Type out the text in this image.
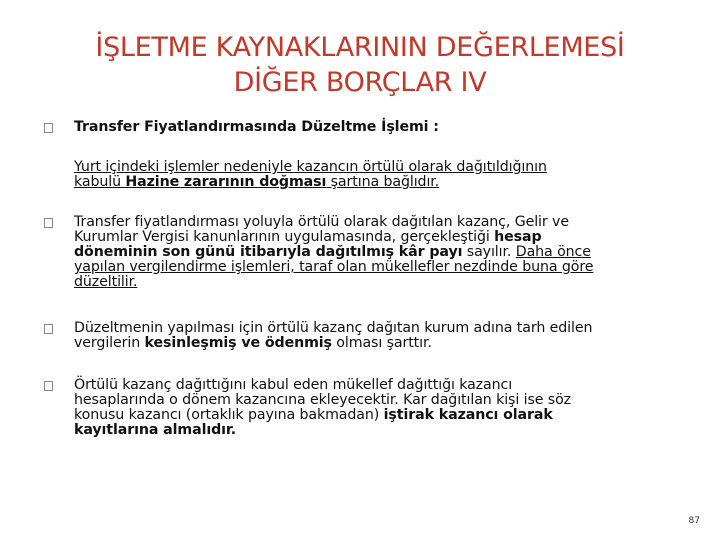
İŞLETME KAYNAKLARININ DEĞERLEMESİ
DİĞER BORÇLAR IV
Transfer Fiyatlandırmasında Düzeltme İşlemi :
Yurt içindeki işlemler nedeniyle kazancın örtülü olarak dağıtıldığının
kabulü Hazine zararının doğması şartına bağlıdır.
Transfer fiyatlandırması yoluyla örtülü olarak dağıtılan kazanç, Gelir ve
Kurumlar Vergisi kanunlarının uygulamasında, gerçekleştiği hesap
döneminin son günü itibarıyla dağıtılmış kâr payı sayılır. Daha önce
yapılan vergilendirme işlemleri, taraf olan mükellefler nezdinde buna göre
düzeltilir.
Düzeltmenin yapılması için örtülü kazanç dağıtan kurum adına tarh edilen
vergilerin kesinleşmiş ve ödenmiş olması şarttır.
Örtülü kazanç dağıttığını kabul eden mükellef dağıttığı kazancı
hesaplarında o dönem kazancına ekleyecektir. Kar dağıtılan kişi ise söz
konusu kazancı (ortaklık payına bakmadan) iştirak kazancı olarak
kayıtlarına almalıdır.
87
